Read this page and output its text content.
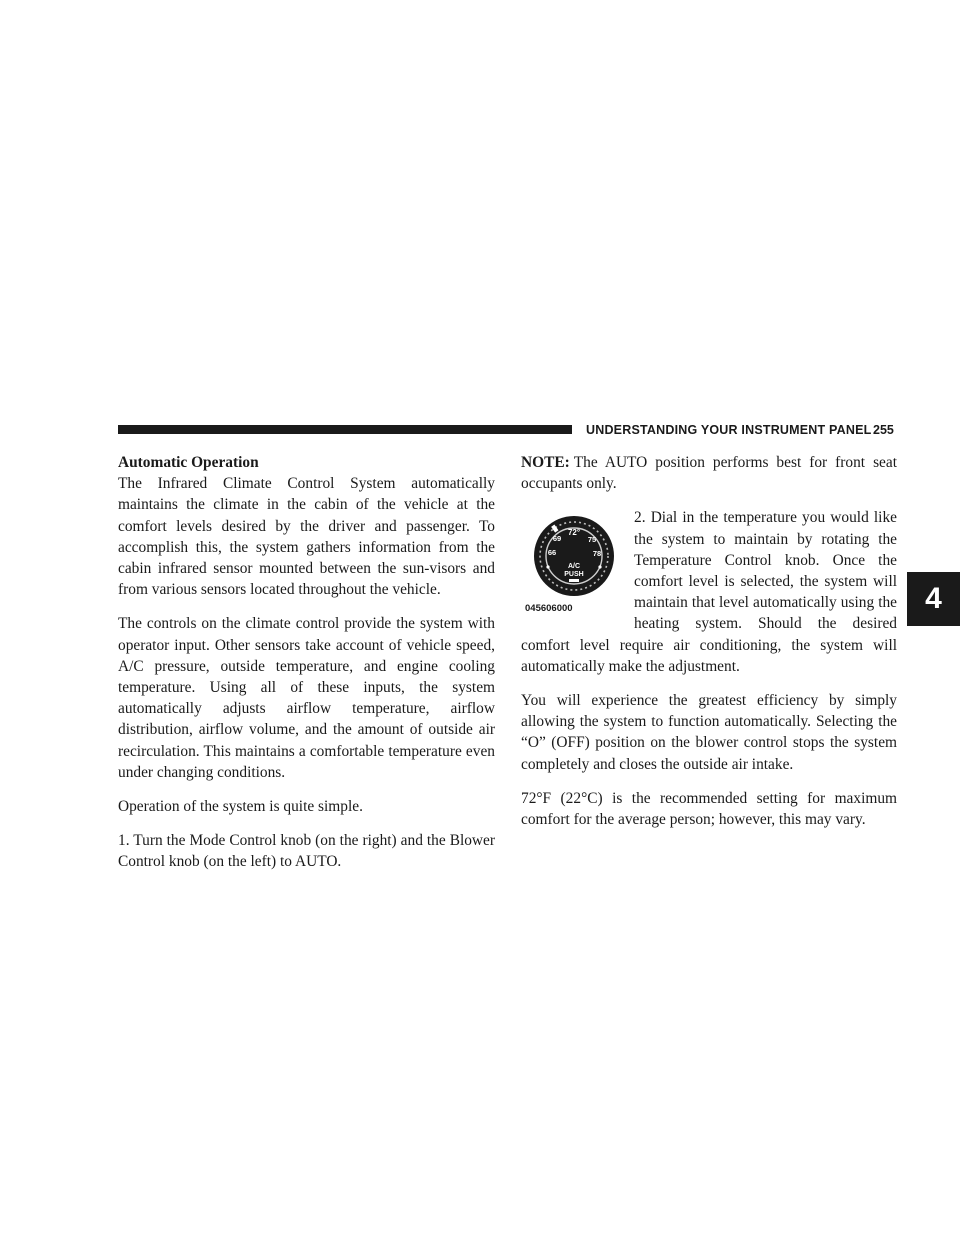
UNDERSTANDING YOUR INSTRUMENT PANEL 255
4

Automatic Operation

The Infrared Climate Control System automatically maintains the climate in the cabin of the vehicle at the comfort levels desired by the driver and passenger. To accomplish this, the system gathers information from the cabin infrared sensor mounted between the sun-visors and from various sensors located throughout the vehicle.

The controls on the climate control provide the system with operator input. Other sensors take account of vehicle speed, A/C pressure, outside temperature, and engine cooling temperature. Using all of these inputs, the system automatically adjusts airflow temperature, airflow distribution, airflow volume, and the amount of outside air recirculation. This maintains a comfortable temperature even under changing conditions.

Operation of the system is quite simple.

1. Turn the Mode Control knob (on the right) and the Blower Control knob (on the left) to AUTO.

NOTE: The AUTO position performs best for front seat occupants only.

72°
69	75
66	78
A/C
PUSH
045606000

2. Dial in the temperature you would like the system to maintain by rotating the Temperature Control knob. Once the comfort level is selected, the system will maintain that level automatically using the heating system. Should the desired comfort level require air conditioning, the system will automatically make the adjustment.

You will experience the greatest efficiency by simply allowing the system to function automatically. Selecting the “O” (OFF) position on the blower control stops the system completely and closes the outside air intake.

72°F (22°C) is the recommended setting for maximum comfort for the average person; however, this may vary.
